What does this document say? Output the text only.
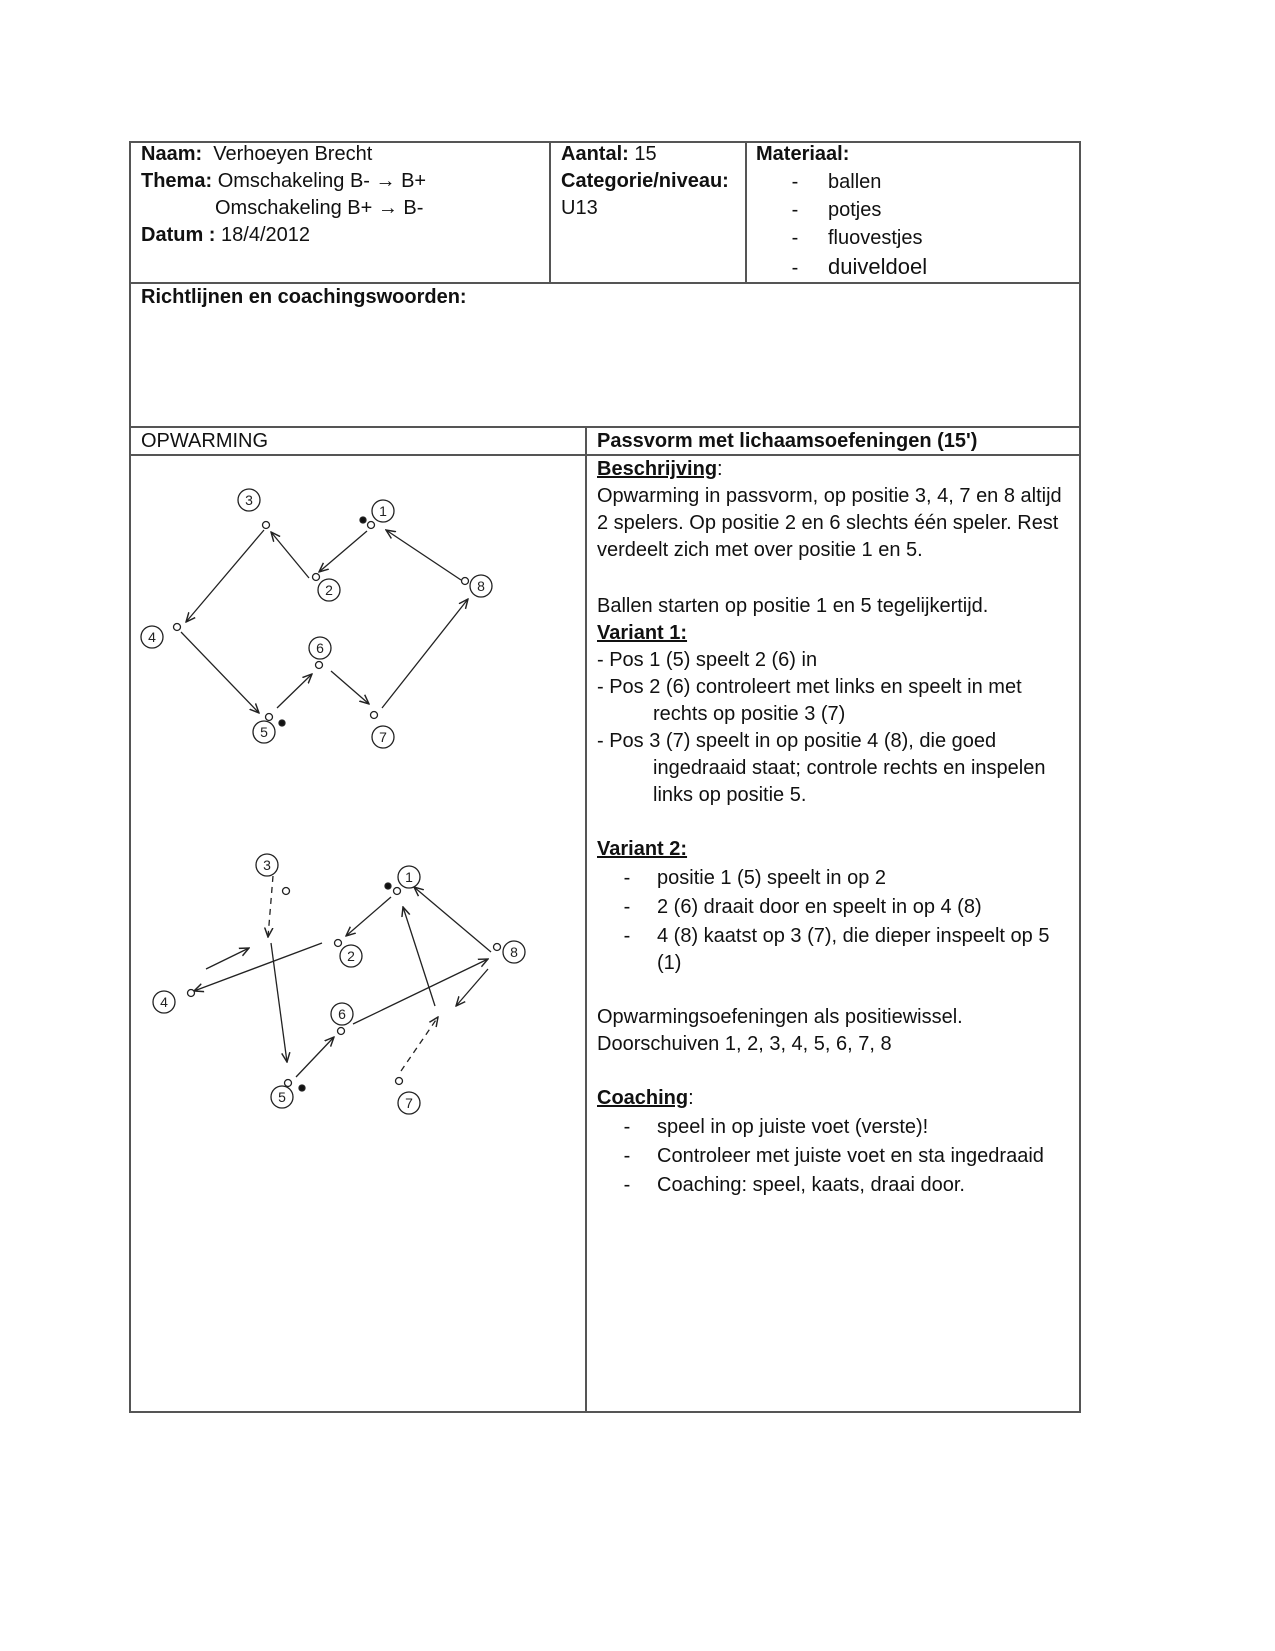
Naam: Verhoeyen Brecht
Thema: Omschakeling B- → B+
Omschakeling B+ → B-
Datum : 18/4/2012
Aantal: 15
Categorie/niveau:
U13
Materiaal:
- ballen
- potjes
- fluovestjes
- duiveldoel
Richtlijnen en coachingswoorden:
OPWARMING	Passvorm met lichaamsoefeningen (15')
3
1
2	8
4
6
5	7
3
1
2	8
4
6
5	7
Beschrijving:
Opwarming in passvorm, op positie 3, 4, 7 en 8 altijd 2 spelers. Op positie 2 en 6 slechts één speler. Rest verdeelt zich met over positie 1 en 5.
Ballen starten op positie 1 en 5 tegelijkertijd.
Variant 1:
- Pos 1 (5) speelt 2 (6) in
- Pos 2 (6) controleert met links en speelt in met
rechts op positie 3 (7)
- Pos 3 (7) speelt in op positie 4 (8), die goed
ingedraaid staat; controle rechts en inspelen
links op positie 5.
Variant 2:
-	positie 1 (5) speelt in op 2
-	2 (6) draait door en speelt in op 4 (8)
-	4 (8) kaatst op 3 (7), die dieper inspeelt op 5
(1)
Opwarmingsoefeningen als positiewissel.
Doorschuiven 1, 2, 3, 4, 5, 6, 7, 8
Coaching:
-	speel in op juiste voet (verste)!
-	Controleer met juiste voet en sta ingedraaid
-	Coaching: speel, kaats, draai door.
